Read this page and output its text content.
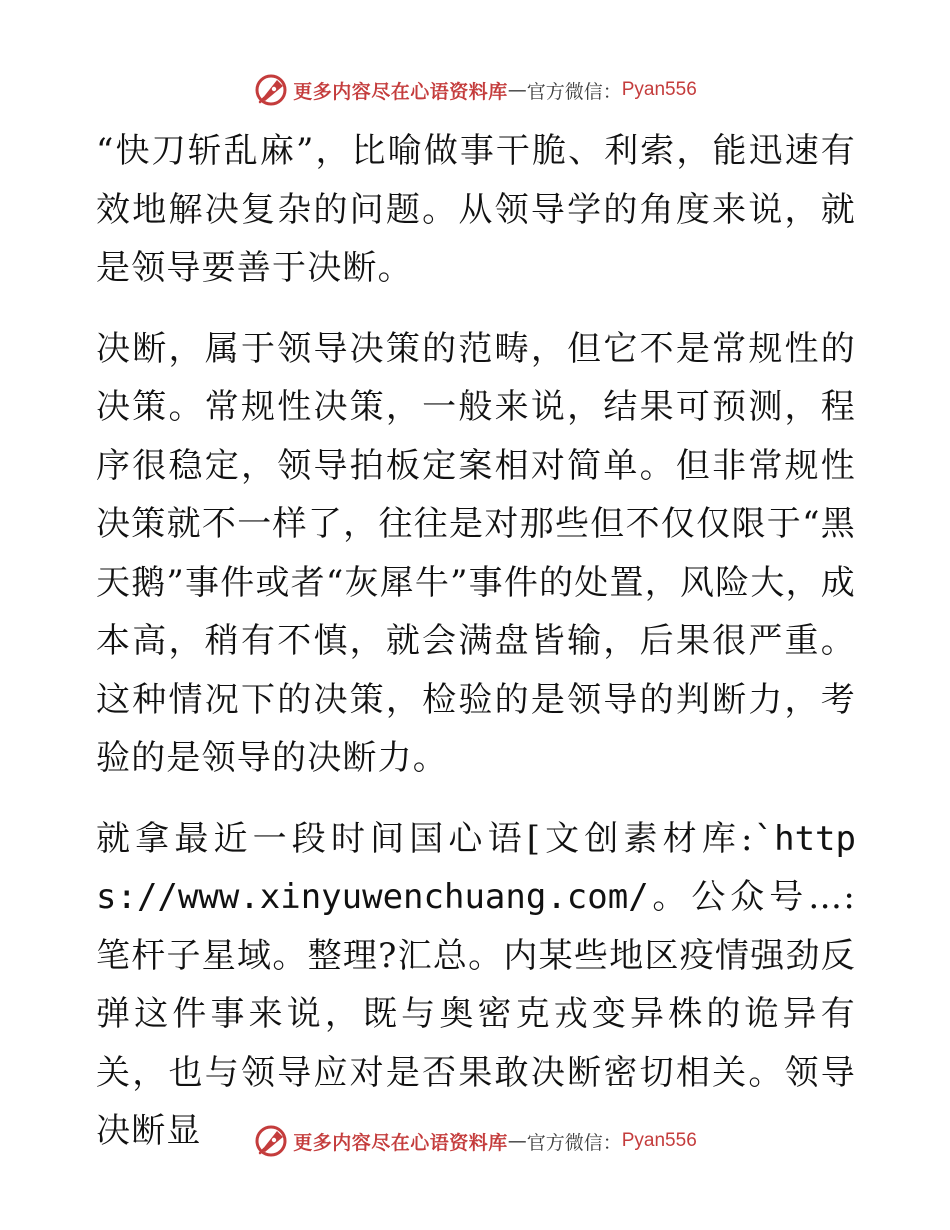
更多内容尽在心语资料库 — 官方微信： Pyan556

“快刀斩乱麻”，比喻做事干脆、利索，能迅速有效地解决复杂的问题。从领导学的角度来说，就是领导要善于决断。

决断，属于领导决策的范畴，但它不是常规性的决策。常规性决策，一般来说，结果可预测，程序很稳定，领导拍板定案相对简单。但非常规性决策就不一样了，往往是对那些但不仅仅限于“黑天鹅”事件或者“灰犀牛”事件的处置，风险大，成本高，稍有不慎，就会满盘皆输，后果很严重。这种情况下的决策，检验的是领导的判断力，考验的是领导的决断力。

就拿最近一段时间国心语[文创素材库:`https://www.xinyuwenchuang.com/。公众号…:笔杆子星域。整理?汇总。内某些地区疫情强劲反弹这件事来说，既与奥密克戎变异株的诡异有关，也与领导应对是否果敢决断密切相关。领导决断显	更多内容尽在心语资料库 — 官方微信： Pyan556
